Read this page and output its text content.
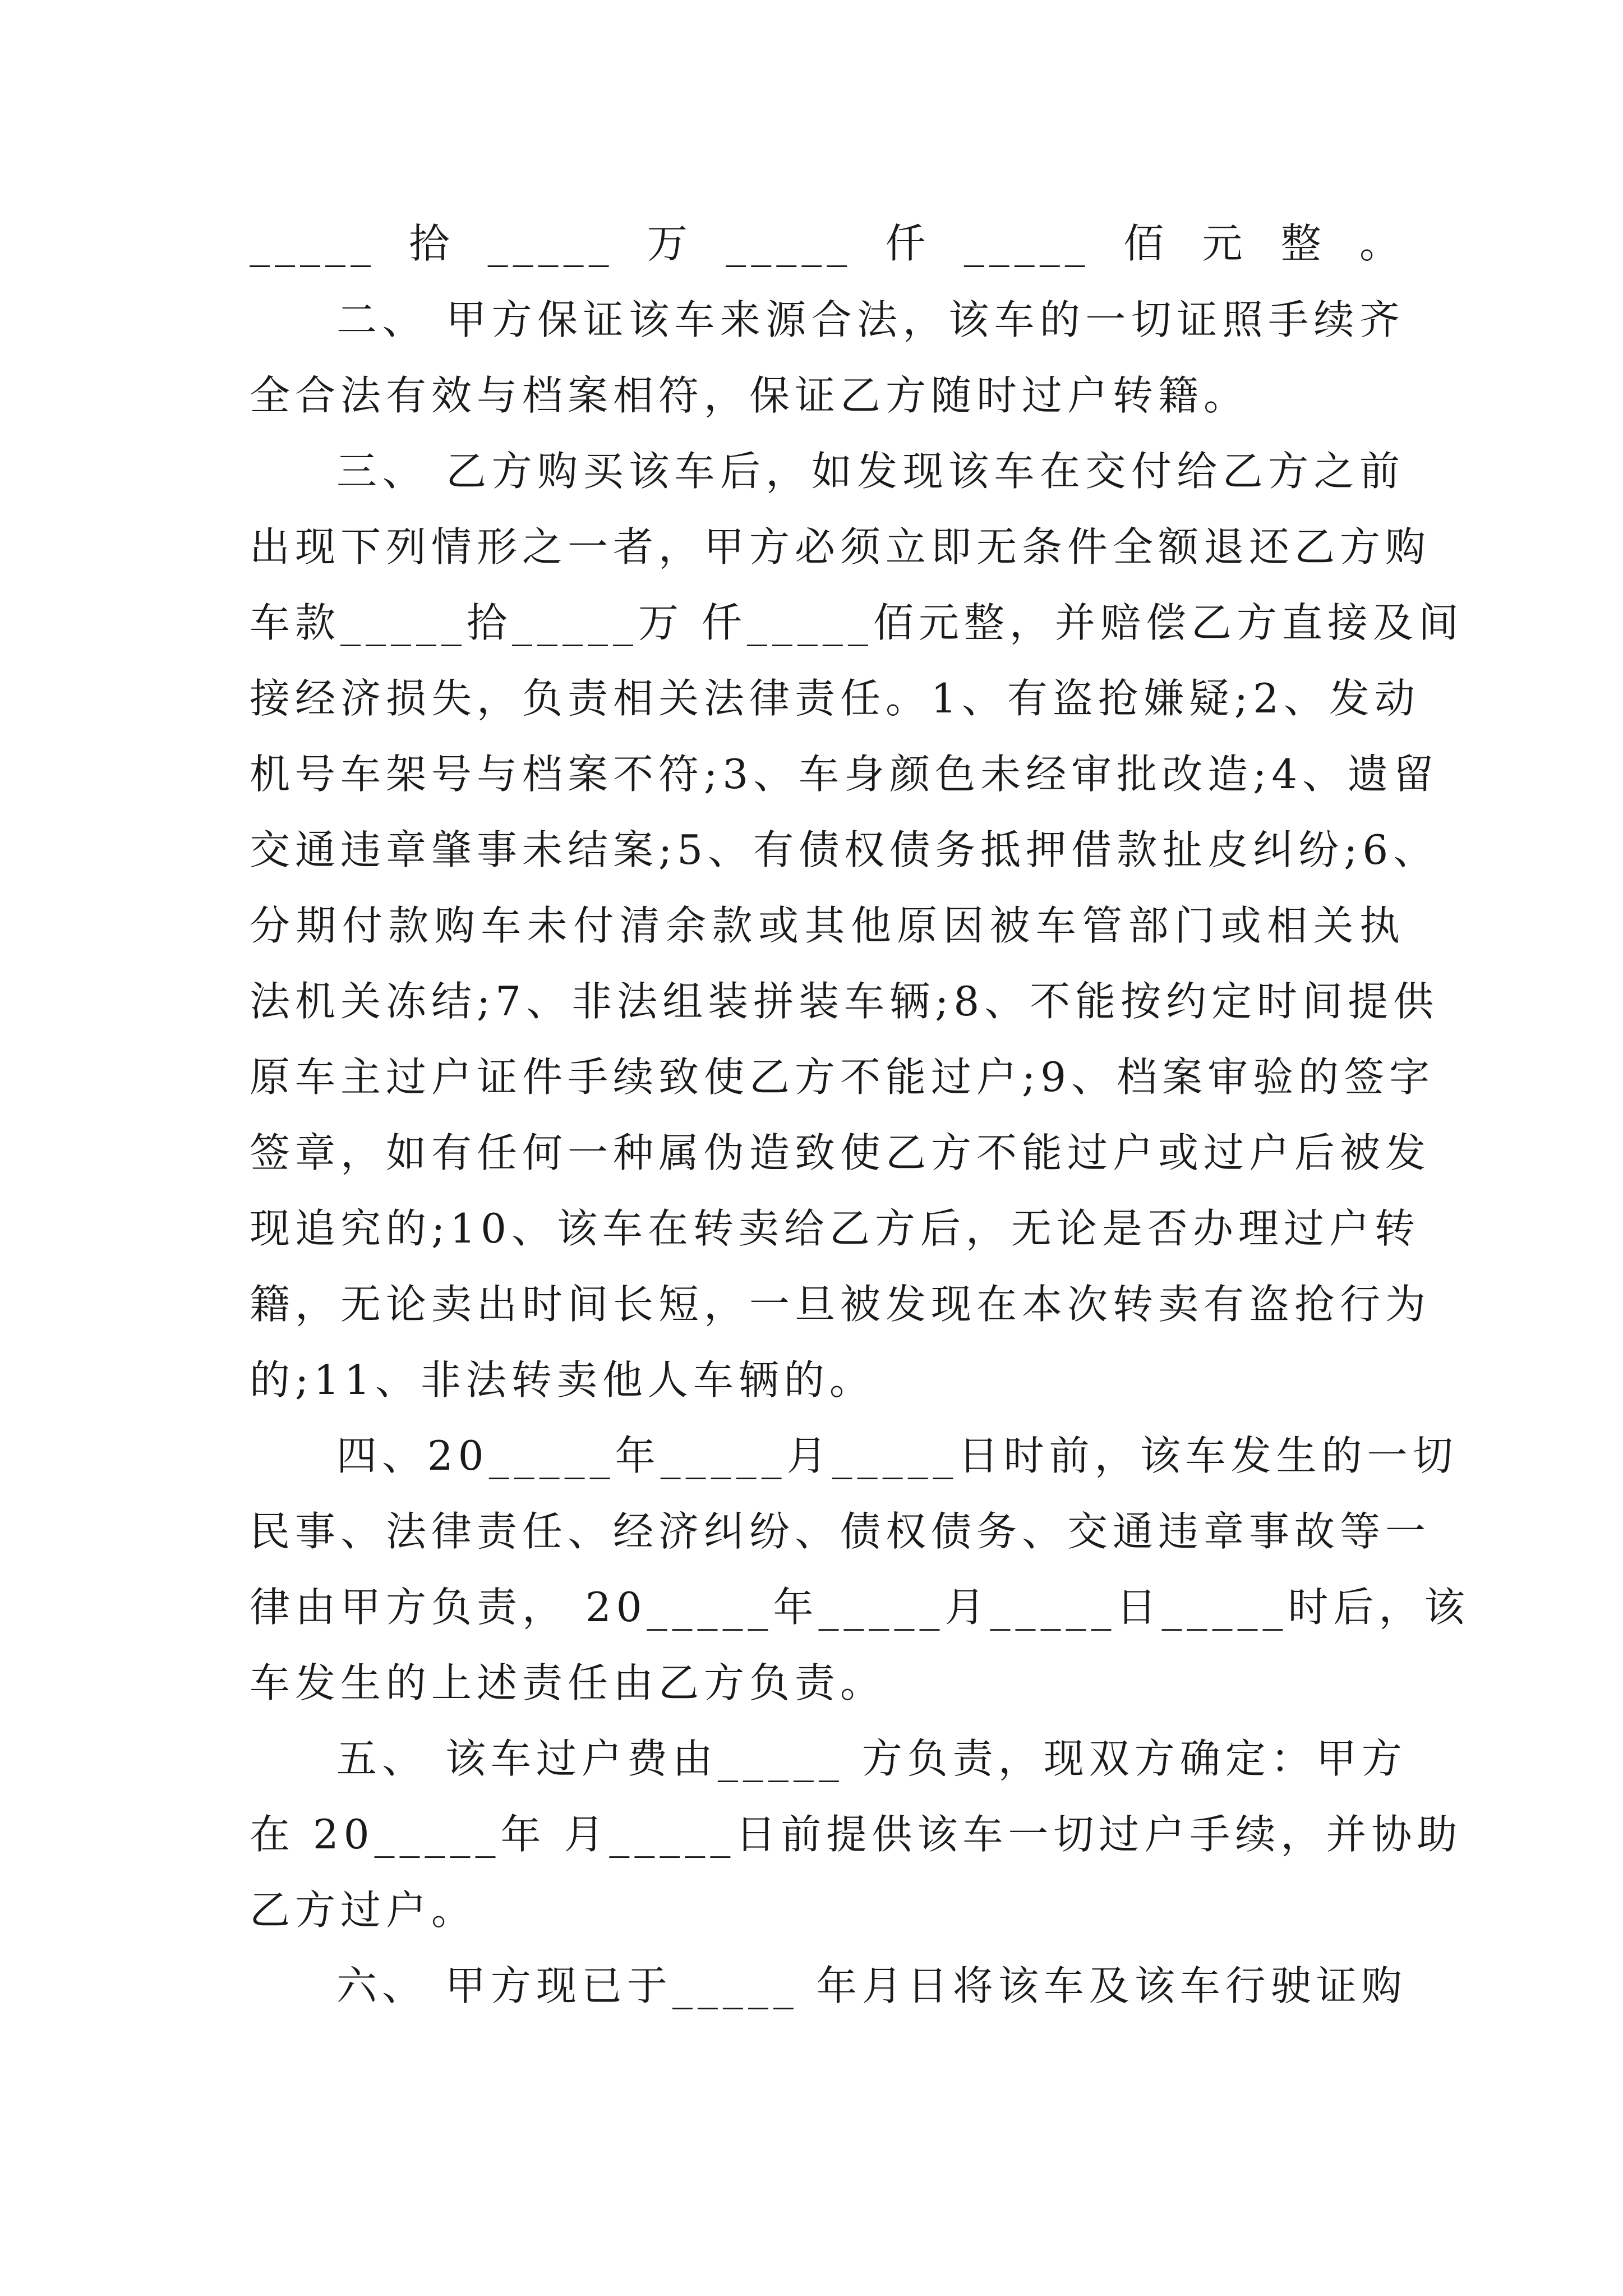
_____拾_____万_____仟_____佰元整。
二、 甲方保证该车来源合法，该车的一切证照手续齐
全合法有效与档案相符，保证乙方随时过户转籍。
三、 乙方购买该车后，如发现该车在交付给乙方之前
出现下列情形之一者，甲方必须立即无条件全额退还乙方购
车款_____拾_____万 仟_____佰元整，并赔偿乙方直接及间
接经济损失，负责相关法律责任。1、有盗抢嫌疑;2、发动
机号车架号与档案不符;3、车身颜色未经审批改造;4、遗留
交通违章肇事未结案;5、有债权债务抵押借款扯皮纠纷;6、
分期付款购车未付清余款或其他原因被车管部门或相关执
法机关冻结;7、非法组装拼装车辆;8、不能按约定时间提供
原车主过户证件手续致使乙方不能过户;9、档案审验的签字
签章，如有任何一种属伪造致使乙方不能过户或过户后被发
现追究的;10、该车在转卖给乙方后，无论是否办理过户转
籍，无论卖出时间长短，一旦被发现在本次转卖有盗抢行为
的;11、非法转卖他人车辆的。
四、20_____年_____月_____日时前，该车发生的一切
民事、法律责任、经济纠纷、债权债务、交通违章事故等一
律由甲方负责， 20_____年_____月_____日_____时后，该
车发生的上述责任由乙方负责。
五、 该车过户费由_____ 方负责，现双方确定：甲方
在 20_____年 月_____日前提供该车一切过户手续，并协助
乙方过户。
六、 甲方现已于_____ 年月日将该车及该车行驶证购
